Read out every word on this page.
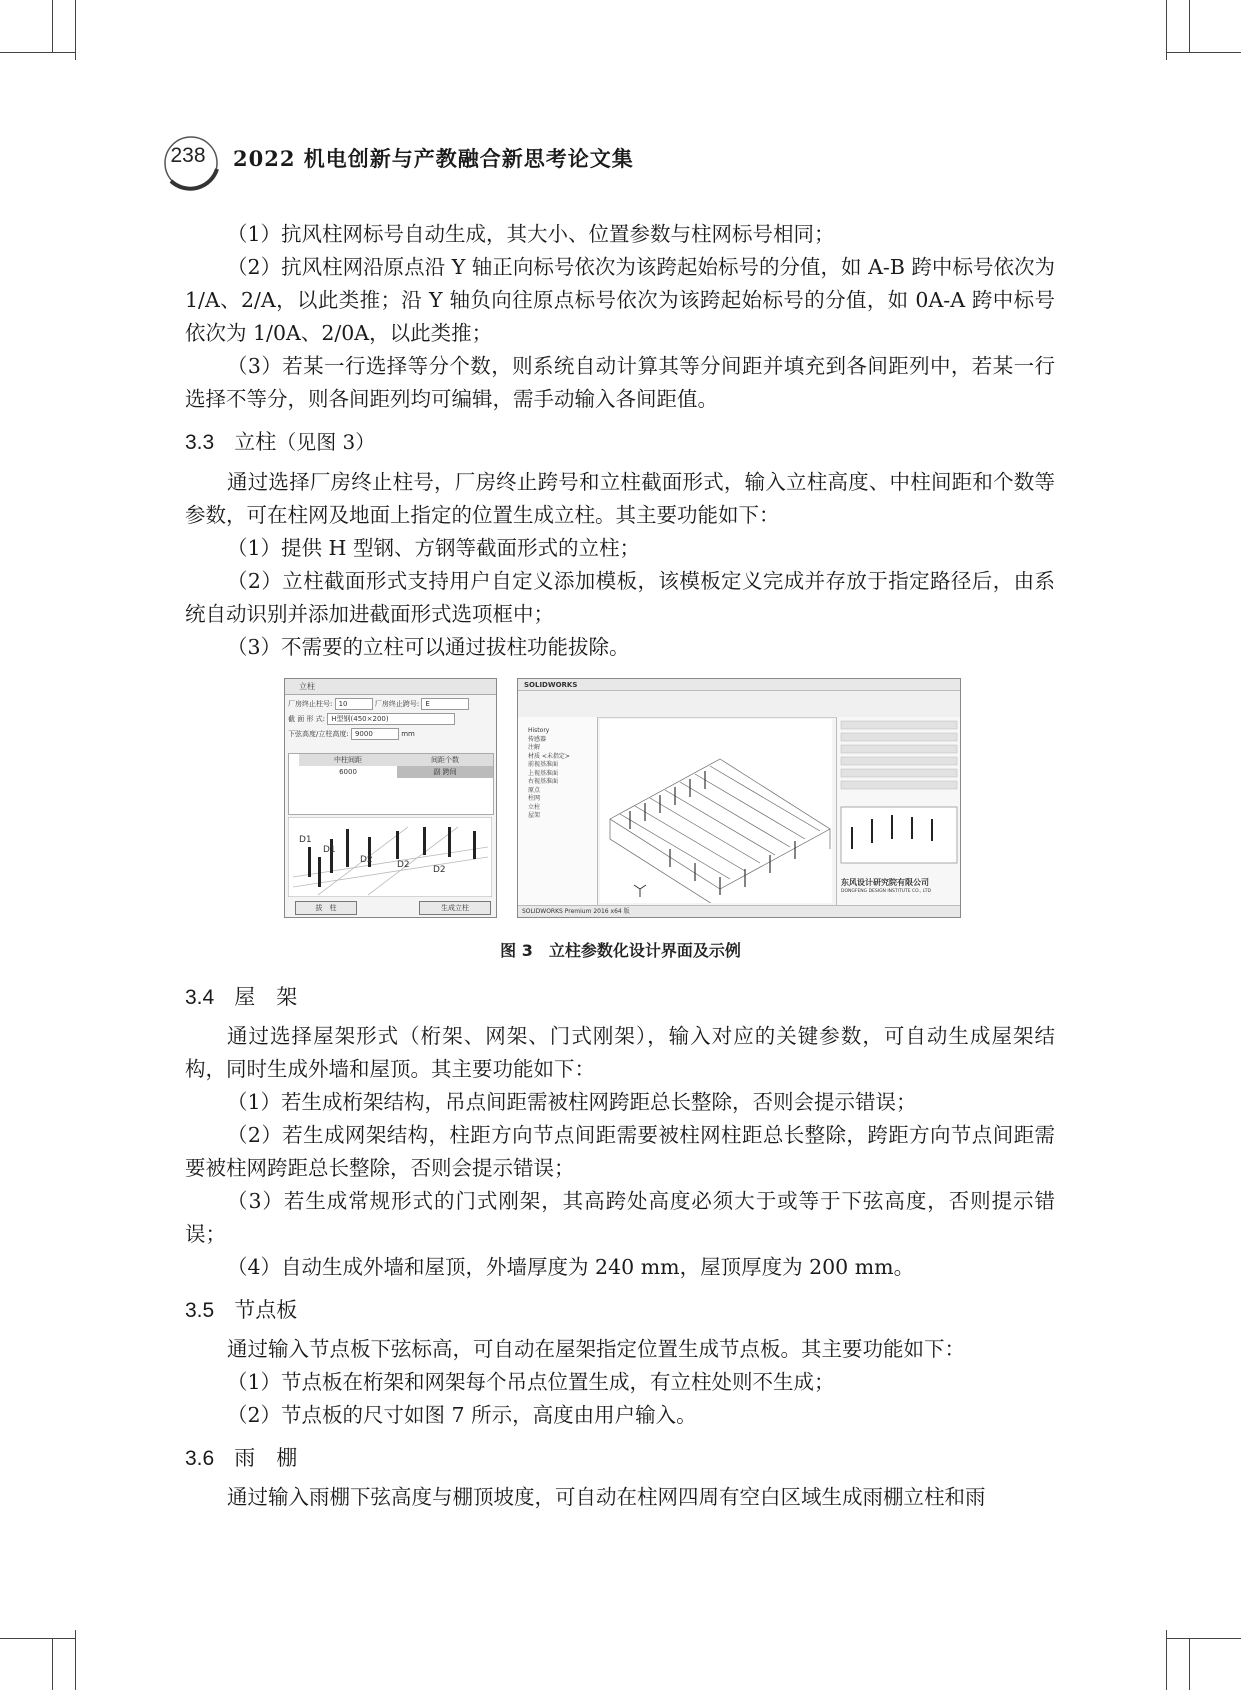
238	2022 机电创新与产教融合新思考论文集

（1）抗风柱网标号自动生成，其大小、位置参数与柱网标号相同；

（2）抗风柱网沿原点沿 Y 轴正向标号依次为该跨起始标号的分值，如 A-B 跨中标号依次为 1/A、2/A，以此类推；沿 Y 轴负向往原点标号依次为该跨起始标号的分值，如 0A-A 跨中标号依次为 1/0A、2/0A，以此类推；

（3）若某一行选择等分个数，则系统自动计算其等分间距并填充到各间距列中，若某一行选择不等分，则各间距列均可编辑，需手动输入各间距值。

3.3 立柱（见图 3）

通过选择厂房终止柱号，厂房终止跨号和立柱截面形式，输入立柱高度、中柱间距和个数等参数，可在柱网及地面上指定的位置生成立柱。其主要功能如下：

（1）提供 H 型钢、方钢等截面形式的立柱；

（2）立柱截面形式支持用户自定义添加模板，该模板定义完成并存放于指定路径后，由系统自动识别并添加进截面形式选项框中；

（3）不需要的立柱可以通过拔柱功能拔除。

立柱
厂房终止柱号: 10	厂房终止跨号: E
截 面 形 式: H型钢(450×200)
下弦高度/立柱高度: 9000	mm
中柱间距	间距个数
6000	副 跨间
D1
D1
D2	D2	D2
拔　柱	生成立柱
SOLIDWORKS
History
传感器
注解
材质 <未指定>
前视基准面
上视基准面
右视基准面
原点
柱网
立柱
屋架
东风设计研究院有限公司
DONGFENG DESIGN INSTITUTE CO., LTD
SOLIDWORKS Premium 2016 x64 版
图 3　立柱参数化设计界面及示例
3.4 屋　架

通过选择屋架形式（桁架、网架、门式刚架），输入对应的关键参数，可自动生成屋架结构，同时生成外墙和屋顶。其主要功能如下：

（1）若生成桁架结构，吊点间距需被柱网跨距总长整除，否则会提示错误；

（2）若生成网架结构，柱距方向节点间距需要被柱网柱距总长整除，跨距方向节点间距需要被柱网跨距总长整除，否则会提示错误；

（3）若生成常规形式的门式刚架，其高跨处高度必须大于或等于下弦高度，否则提示错误；

（4）自动生成外墙和屋顶，外墙厚度为 240 mm，屋顶厚度为 200 mm。

3.5 节点板

通过输入节点板下弦标高，可自动在屋架指定位置生成节点板。其主要功能如下：

（1）节点板在桁架和网架每个吊点位置生成，有立柱处则不生成；

（2）节点板的尺寸如图 7 所示，高度由用户输入。

3.6 雨　棚

通过输入雨棚下弦高度与棚顶坡度，可自动在柱网四周有空白区域生成雨棚立柱和雨
